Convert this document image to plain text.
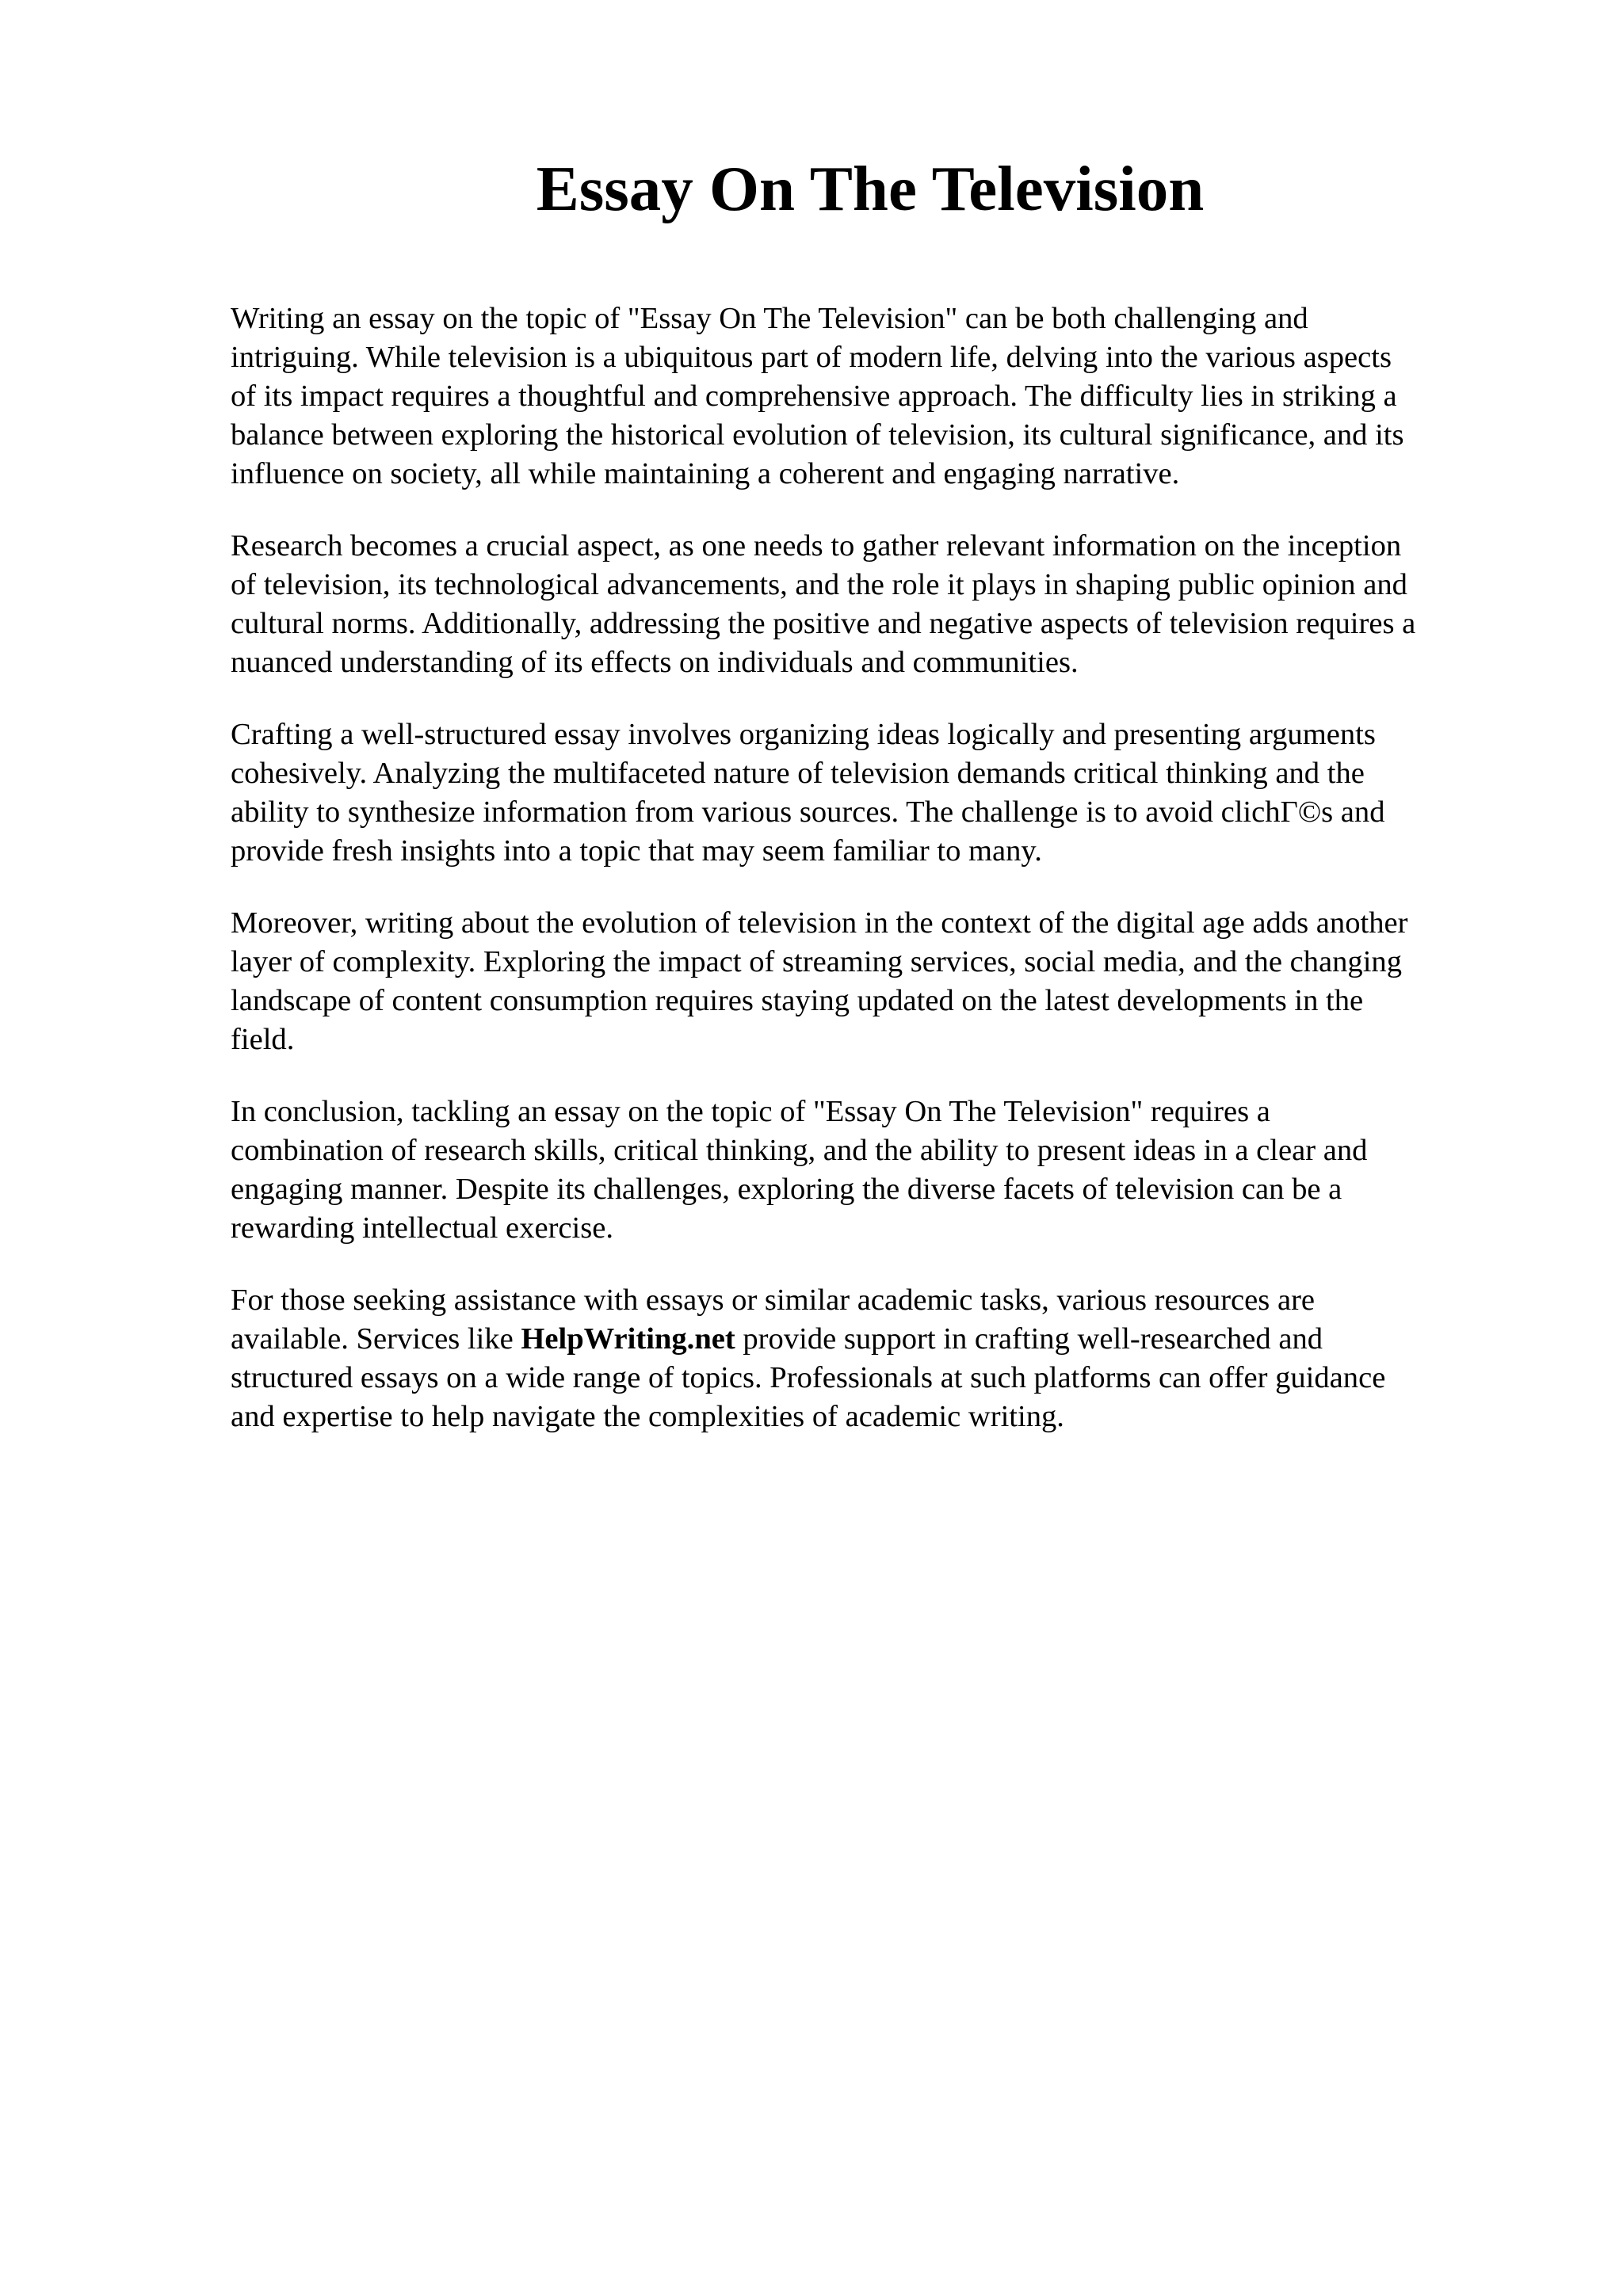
Essay On The Television

Writing an essay on the topic of "Essay On The Television" can be both challenging and
intriguing. While television is a ubiquitous part of modern life, delving into the various aspects
of its impact requires a thoughtful and comprehensive approach. The difficulty lies in striking a
balance between exploring the historical evolution of television, its cultural significance, and its
influence on society, all while maintaining a coherent and engaging narrative.

Research becomes a crucial aspect, as one needs to gather relevant information on the inception
of television, its technological advancements, and the role it plays in shaping public opinion and
cultural norms. Additionally, addressing the positive and negative aspects of television requires a
nuanced understanding of its effects on individuals and communities.

Crafting a well-structured essay involves organizing ideas logically and presenting arguments
cohesively. Analyzing the multifaceted nature of television demands critical thinking and the
ability to synthesize information from various sources. The challenge is to avoid clichΓ©s and
provide fresh insights into a topic that may seem familiar to many.

Moreover, writing about the evolution of television in the context of the digital age adds another
layer of complexity. Exploring the impact of streaming services, social media, and the changing
landscape of content consumption requires staying updated on the latest developments in the
field.

In conclusion, tackling an essay on the topic of "Essay On The Television" requires a
combination of research skills, critical thinking, and the ability to present ideas in a clear and
engaging manner. Despite its challenges, exploring the diverse facets of television can be a
rewarding intellectual exercise.

For those seeking assistance with essays or similar academic tasks, various resources are
available. Services like HelpWriting.net provide support in crafting well-researched and
structured essays on a wide range of topics. Professionals at such platforms can offer guidance
and expertise to help navigate the complexities of academic writing.
